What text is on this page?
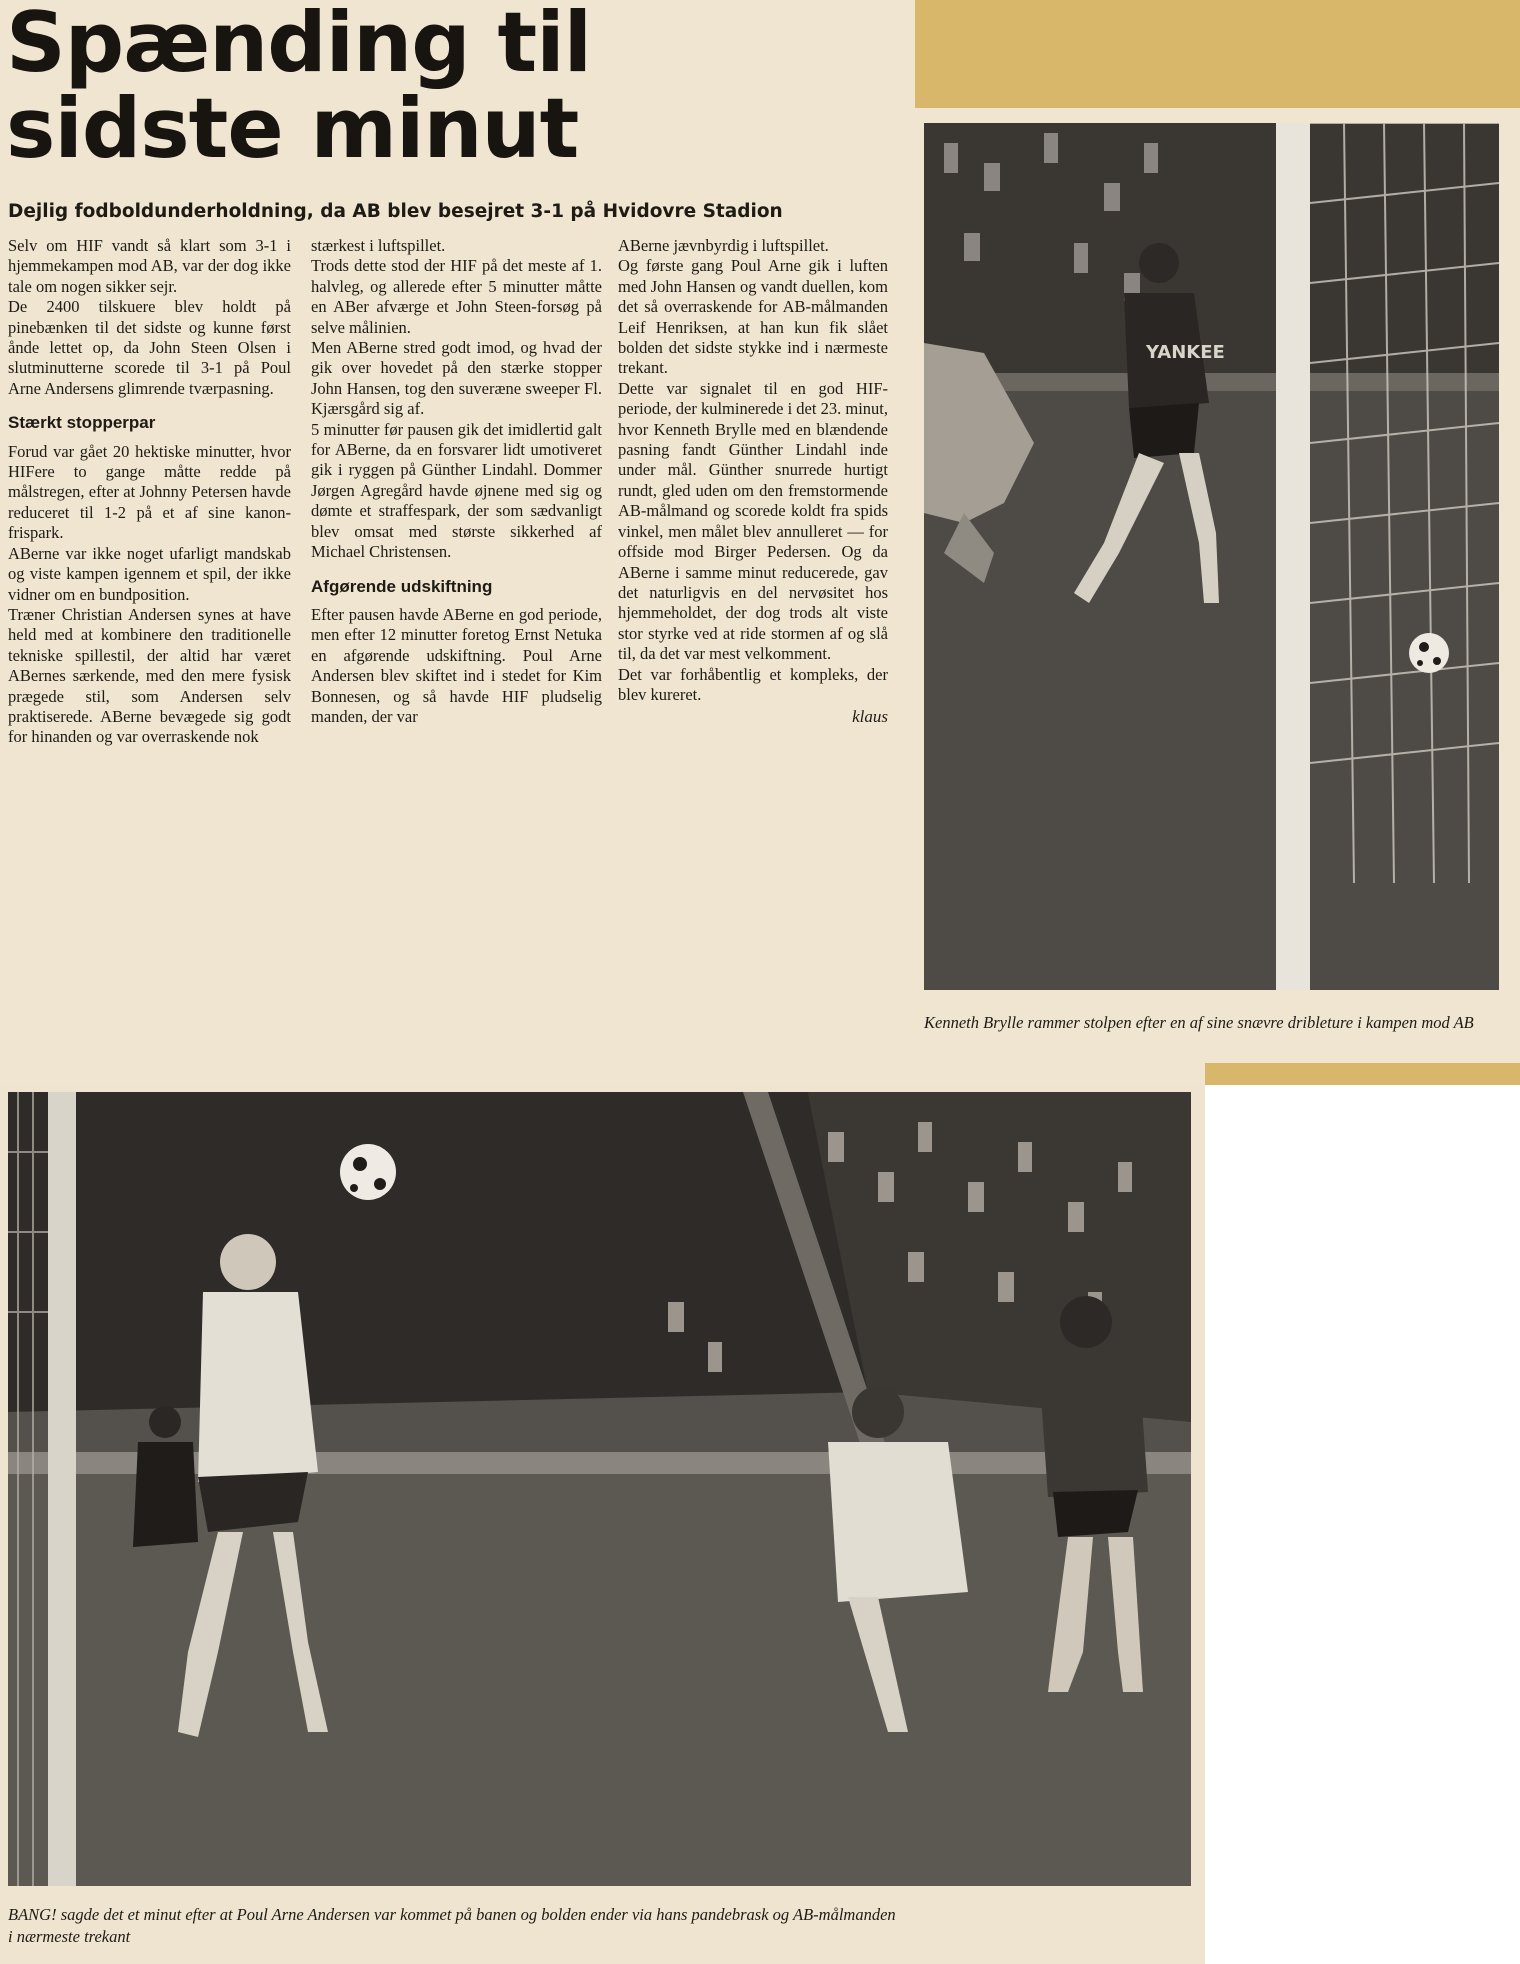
Spænding til
sidste minut
Dejlig fodboldunderholdning, da AB blev besejret 3-1 på Hvidovre Stadion

Selv om HIF vandt så klart som 3-1 i hjemmekampen mod AB, var der dog ikke tale om nogen sikker sejr.

De 2400 tilskuere blev holdt på pinebænken til det sidste og kunne først ånde lettet op, da John Steen Olsen i slutminutterne scorede til 3-1 på Poul Arne Andersens glimrende tværpasning.

Stærkt stopperpar

Forud var gået 20 hektiske minutter, hvor HIFere to gange måtte redde på målstregen, efter at Johnny Petersen havde reduceret til 1-2 på et af sine kanon-frispark.

ABerne var ikke noget ufarligt mandskab og viste kampen igennem et spil, der ikke vidner om en bundposition.

Træner Christian Andersen synes at have held med at kombinere den traditionelle tekniske spillestil, der altid har været ABernes særkende, med den mere fysisk prægede stil, som Andersen selv praktiserede. ABerne bevægede sig godt for hinanden og var overraskende nok

stærkest i luftspillet.

Trods dette stod der HIF på det meste af 1. halvleg, og allerede efter 5 minutter måtte en ABer afværge et John Steen-forsøg på selve målinien.

Men ABerne stred godt imod, og hvad der gik over hovedet på den stærke stopper John Hansen, tog den suveræne sweeper Fl. Kjærsgård sig af.

5 minutter før pausen gik det imidlertid galt for ABerne, da en forsvarer lidt umotiveret gik i ryggen på Günther Lindahl. Dommer Jørgen Agregård havde øjnene med sig og dømte et straffespark, der som sædvanligt blev omsat med største sikkerhed af Michael Christensen.

Afgørende udskiftning

Efter pausen havde ABerne en god periode, men efter 12 minutter foretog Ernst Netuka en afgørende udskiftning. Poul Arne Andersen blev skiftet ind i stedet for Kim Bonnesen, og så havde HIF pludselig manden, der var

ABerne jævnbyrdig i luftspillet.

Og første gang Poul Arne gik i luften med John Hansen og vandt duellen, kom det så overraskende for AB-målmanden Leif Henriksen, at han kun fik slået bolden det sidste stykke ind i nærmeste trekant.

Dette var signalet til en god HIF-periode, der kulminerede i det 23. minut, hvor Kenneth Brylle med en blændende pasning fandt Günther Lindahl inde under mål. Günther snurrede hurtigt rundt, gled uden om den fremstormende AB-målmand og scorede koldt fra spids vinkel, men målet blev annulleret — for offside mod Birger Pedersen. Og da ABerne i samme minut reducerede, gav det naturligvis en del nervøsitet hos hjemmeholdet, der dog trods alt viste stor styrke ved at ride stormen af og slå til, da det var mest velkomment.

Det var forhåbentlig et kompleks, der blev kureret.

klaus
YANKEE
Kenneth Brylle rammer stolpen efter en af sine snævre dribleture i kampen mod AB
BANG! sagde det et minut efter at Poul Arne Andersen var kommet på banen og bolden ender via hans pandebrask og AB-målmanden i nærmeste trekant
